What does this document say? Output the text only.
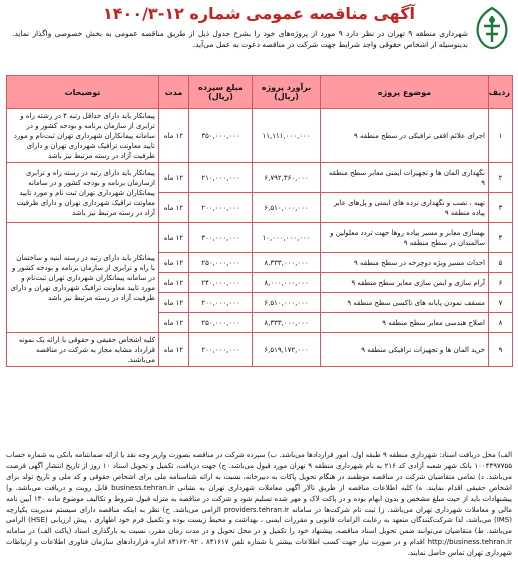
آگهی مناقصه عمومی شماره ۱۲-۱۴۰۰/۳
شهرداری منطقه ۹ تهران در نظر دارد ۹ مورد از پروژه‌های خود را بشرح جدول ذیل از طریق مناقصه عمومی به بخش خصوصی واگذار نماید. بدینوسیله از اشخاص حقوقی واجد شرایط جهت شرکت در مناقصه دعوت به عمل می‌آید.
ردیف	موضوع پروژه	برآورد پروژه (ریال)	مبلغ سپرده (ریال)	مدت	توضیحات
۱	اجرای علائم افقی ترافیکی در سطح منطقه ۹	۱۱,۱۱۱,۰۰۰,۰۰۰	۳۵۰,۰۰۰,۰۰۰	۱۲ ماه	پیمانکار باید دارای حداقل رتبه ۴ در رشته راه و ترابری از سازمان برنامه و بودجه کشور و در سامانه پیمانکاران شهرداری تهران ثبت‌نام و مورد تایید معاونت ترافیک شهرداری تهران و دارای ظرفیت آزاد در رسته مرتبط نیز باشد
۲	نگهداری المان ها و تجهیزات ایمنی معابر سطح منطقه ۹	۶,۷۹۲,۳۶۰,۰۰۰	۲۱۰,۰۰۰,۰۰۰	۱۲ ماه	پیمانکار باید دارای رتبه در رسته راه و ترابری ازسازمان برنامه و بودجه کشور و در سامانه پیمانکاران شهرداری تهران ثبت نام و مورد تایید معاونت ترافیک شهرداری تهران و دارای ظرفیت آزاد در رسته مرتبط نیز باشد
۳	تهیه ، نصب و نگهداری نرده های ایمنی و پل‌های عابر پیاده منطقه ۹	۶,۵۱۰,۰۰۰,۰۰۰	۲۰۰,۰۰۰,۰۰۰	۱۲ ماه	
۴	بهسازی معابر و مسیر پیاده روها جهت تردد معلولین و سالمندان در سطح منطقه ۹	۱۰,۰۰۰,۰۰۰,۰۰۰	۳۰۰,۰۰۰,۰۰۰	۱۲ ماه	پیمانکار باید دارای رتبه در رسته ابنیه و ساختمان یا راه و ترابری از سازمان برنامه و بودجه کشور و در سامانه پیمانکاران شهرداری تهران ثبت‌نام و مورد تایید معاونت ترافیک شهرداری تهران و دارای ظرفیت آزاد در رسته مرتبط نیز باشد
۵	احداث مسیر ویژه دوچرخه در سطح منطقه ۹	۸,۳۳۳,۰۰۰,۰۰۰	۲۵۰,۰۰۰,۰۰۰	۱۲ ماه	
۶	آرام سازی و ایمن سازی معابر سطح منطقه ۹	۸,۰۰۰,۰۰۰,۰۰۰	۲۴۰,۰۰۰,۰۰۰	۱۲ ماه	
۷	مسقف نمودن پایانه های تاکسی سطح منطقه ۹	۶,۵۱۰,۰۰۰,۰۰۰	۲۰۰,۰۰۰,۰۰۰	۱۲ ماه	
۸	اصلاح هندسی معابر سطح منطقه ۹	۸,۳۳۳,۰۰۰,۰۰۰	۲۵۰,۰۰۰,۰۰۰	۱۲ ماه	
۹	خرید المان ها و تجهیزات ترافیکی منطقه ۹	۶,۵۱۹,۱۷۲,۰۰۰	۲۰۰,۰۰۰,۰۰۰	۱۲ ماه	کلیه اشخاص حقیقی و حقوقی با ارائه یک نمونه قرارداد مشابه مجاز به شرکت در مناقصه می‌باشند.
الف) محل دریافت اسناد: شهرداری منطقه ۹ طبقه اول، امور قراردادها می‌باشد. ب) سپرده شرکت در مناقصه بصورت واریز وجه نقد یا ارائه ضمانتنامه بانکی به شماره حساب ۱۰۰۴۴۹۷۷۵۵ بانک شهر شعبه آزادی کد ۲۱۶ به نام شهرداری منطقه ۹ تهران مورد قبول می‌باشد. ج) جهت دریافت، تکمیل و تحویل اسناد ۱۰ روز از تاریخ انتشار آگهی فرصت می‌باشد. د) تمامی متقاضیان شرکت در مناقصه موظفند در هنگام تحویل پاکات به دبیرخانه، نسبت به ارائه شناسنامه ملی برای اشخاص حقوقی و کد ملی و تاریخ تولد برای اشخاص حقیقی اقدام نمایند. ه) کلیه اطلاعات مناقصه از طریق تالار آگهی معاملات شهرداری تهران به نشانی business.tehran.ir قابل رویت و دریافت می‌باشد. و) پیشنهادات باید از حیث مبلغ مشخص و بدون ابهام بوده و در پاکت لاک و مهر شده تسلیم شود و شرکت در مناقصه به منزله قبول شروط و تکالیف موضوع ماده ۱۳۰ آیین نامه مالی و معاملات شهرداری تهران می‌باشد. ز) ثبت نام شرکت‌ها در سامانه providers.tehran.ir الزامی می‌باشد. ح) نظر به اینکه مناقصه دارای سیستم مدیریت یکپارچه (IMS) می‌باشد، لذا شرکت‌کنندگان متعهد به رعایت الزامات قانونی و مقررات ایمنی ، بهداشت و محیط زیست بوده و تکمیل فرم خود اظهاری ، پیش ارزیابی (HSE) الزامی می‌باشد. ط) متقاضیان می‌توانند ضمن تحویل اسناد مناقصه، پیشنهاد خود را تکمیل و در محل تحویل و در مدت زمان مقرر، نسبت به بارگذاری اسناد (پاکت الف) در سامانه http://business.tehran.ir اقدام و در صورت نیاز جهت کسب اطلاعات بیشتر با شماره تلفن ۸۴۱۶۱۷ ، ۸۴۱۶۲۰۹۲ اداره قراردادهای سازمان فناوری اطلاعات و ارتباطات شهرداری تهران تماس حاصل نمایند.
